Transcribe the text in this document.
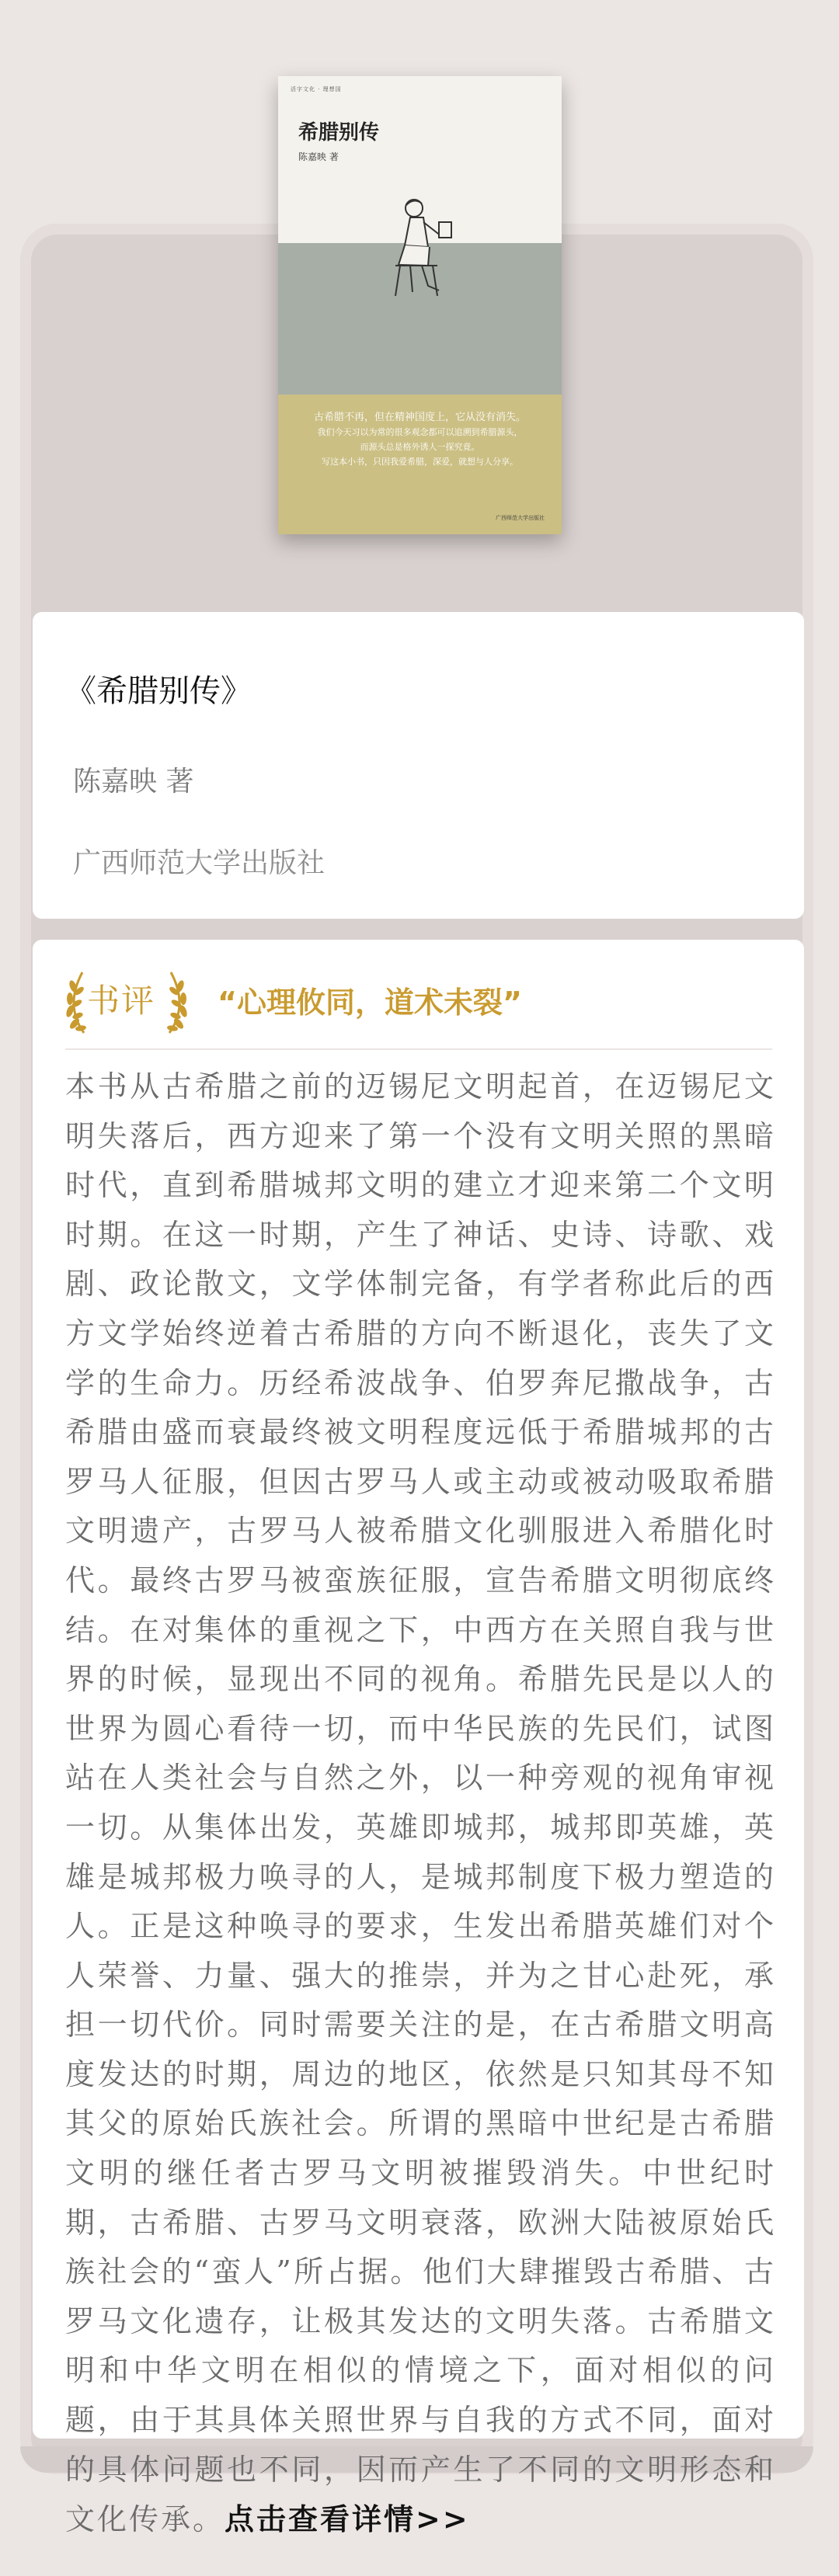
活字文化 · 理想国
希腊别传
陈嘉映 著
古希腊不再，但在精神国度上，它从没有消失。
我们今天习以为常的很多观念都可以追溯到希腊源头，
而源头总是格外诱人一探究竟。
写这本小书，只因我爱希腊，深爱，就想与人分享。
广西师范大学出版社
《希腊别传》
陈嘉映 著
广西师范大学出版社
书评 “心理攸同，道术未裂”
本书从古希腊之前的迈锡尼文明起首，在迈锡尼文明失落后，西方迎来了第一个没有文明关照的黑暗时代，直到希腊城邦文明的建立才迎来第二个文明时期。在这一时期，产生了神话、史诗、诗歌、戏剧、政论散文，文学体制完备，有学者称此后的西方文学始终逆着古希腊的方向不断退化，丧失了文学的生命力。历经希波战争、伯罗奔尼撒战争，古希腊由盛而衰最终被文明程度远低于希腊城邦的古罗马人征服，但因古罗马人或主动或被动吸取希腊文明遗产，古罗马人被希腊文化驯服进入希腊化时代。最终古罗马被蛮族征服，宣告希腊文明彻底终结。在对集体的重视之下，中西方在关照自我与世界的时候，显现出不同的视角。希腊先民是以人的世界为圆心看待一切，而中华民族的先民们，试图站在人类社会与自然之外，以一种旁观的视角审视一切。从集体出发，英雄即城邦，城邦即英雄，英雄是城邦极力唤寻的人，是城邦制度下极力塑造的人。正是这种唤寻的要求，生发出希腊英雄们对个人荣誉、力量、强大的推崇，并为之甘心赴死，承担一切代价。同时需要关注的是，在古希腊文明高度发达的时期，周边的地区，依然是只知其母不知其父的原始氏族社会。所谓的黑暗中世纪是古希腊文明的继任者古罗马文明被摧毁消失。中世纪时期，古希腊、古罗马文明衰落，欧洲大陆被原始氏族社会的“蛮人”所占据。他们大肆摧毁古希腊、古罗马文化遗存，让极其发达的文明失落。古希腊文明和中华文明在相似的情境之下，面对相似的问题，由于其具体关照世界与自我的方式不同，面对的具体问题也不同，因而产生了不同的文明形态和文化传承。点击查看详情>>
